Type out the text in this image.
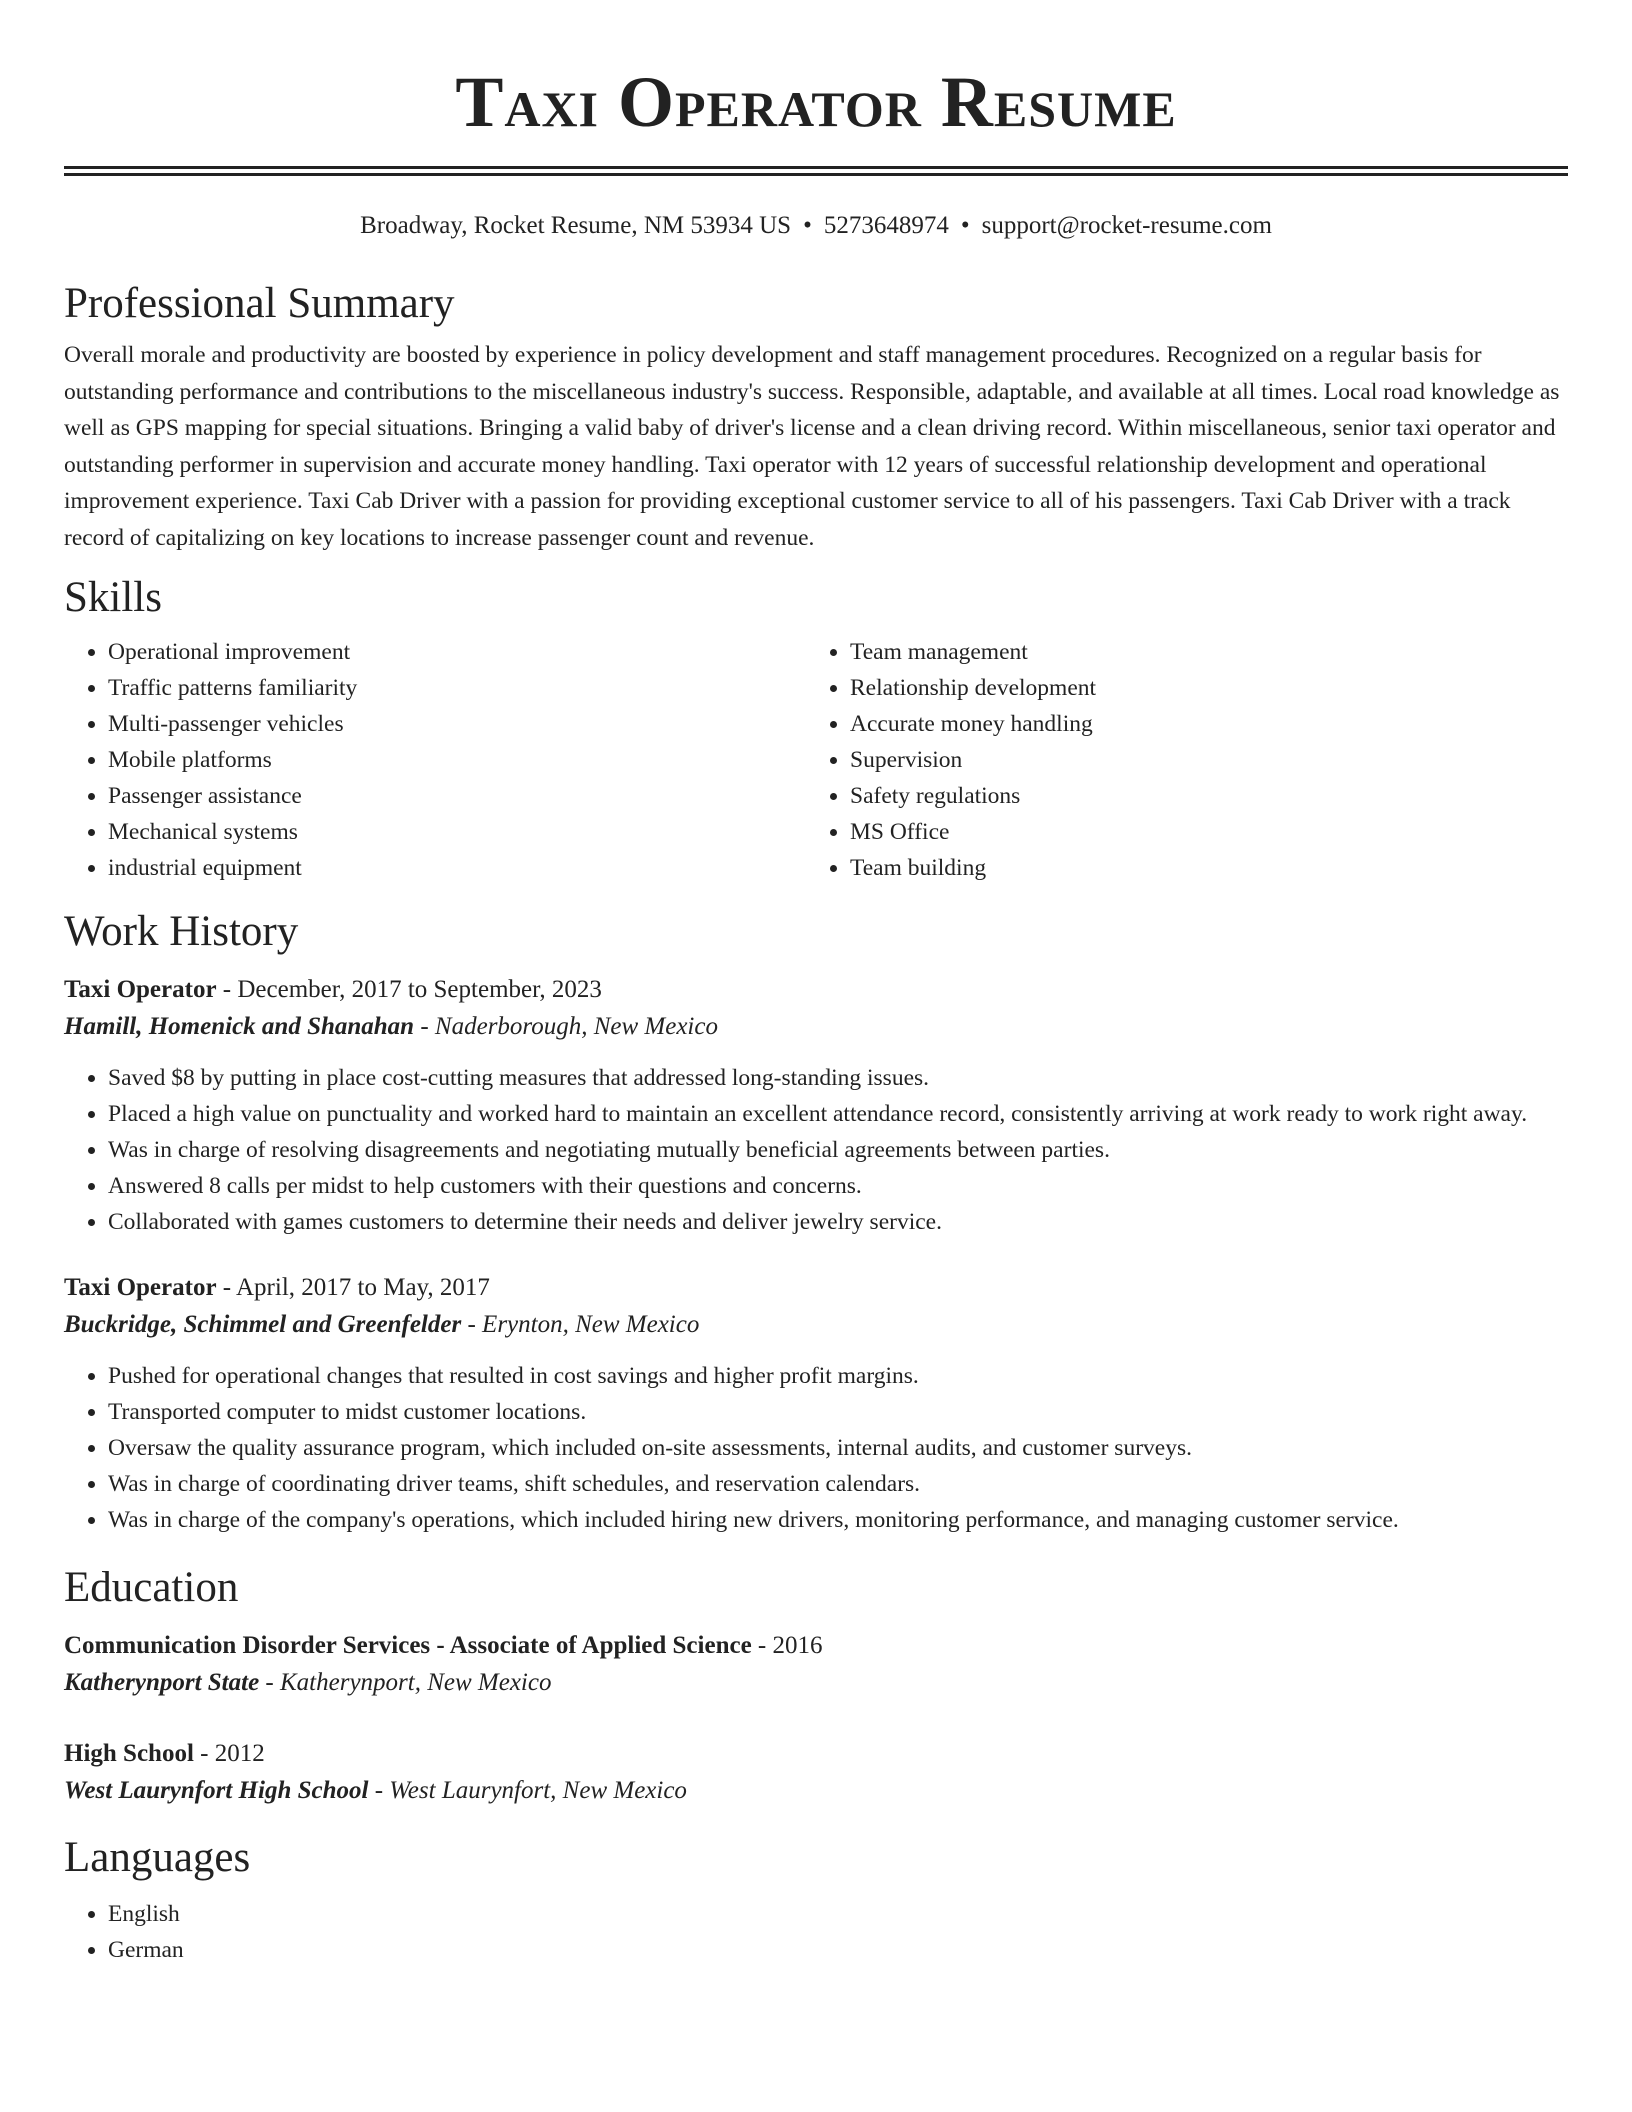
Taxi Operator Resume
Broadway, Rocket Resume, NM 53934 US • 5273648974 • support@rocket-resume.com
Professional Summary

Overall morale and productivity are boosted by experience in policy development and staff management procedures. Recognized on a regular basis for outstanding performance and contributions to the miscellaneous industry's success. Responsible, adaptable, and available at all times. Local road knowledge as well as GPS mapping for special situations. Bringing a valid baby of driver's license and a clean driving record. Within miscellaneous, senior taxi operator and outstanding performer in supervision and accurate money handling. Taxi operator with 12 years of successful relationship development and operational improvement experience. Taxi Cab Driver with a passion for providing exceptional customer service to all of his passengers. Taxi Cab Driver with a track record of capitalizing on key locations to increase passenger count and revenue.

Skills
• Operational improvement
• Traffic patterns familiarity
• Multi-passenger vehicles
• Mobile platforms
• Passenger assistance
• Mechanical systems
• industrial equipment
• Team management
• Relationship development
• Accurate money handling
• Supervision
• Safety regulations
• MS Office
• Team building
Work History
Taxi Operator - December, 2017 to September, 2023
Hamill, Homenick and Shanahan - Naderborough, New Mexico
• Saved $8 by putting in place cost-cutting measures that addressed long-standing issues.
• Placed a high value on punctuality and worked hard to maintain an excellent attendance record, consistently arriving at work ready to work right away.
• Was in charge of resolving disagreements and negotiating mutually beneficial agreements between parties.
• Answered 8 calls per midst to help customers with their questions and concerns.
• Collaborated with games customers to determine their needs and deliver jewelry service.
Taxi Operator - April, 2017 to May, 2017
Buckridge, Schimmel and Greenfelder - Erynton, New Mexico
• Pushed for operational changes that resulted in cost savings and higher profit margins.
• Transported computer to midst customer locations.
• Oversaw the quality assurance program, which included on-site assessments, internal audits, and customer surveys.
• Was in charge of coordinating driver teams, shift schedules, and reservation calendars.
• Was in charge of the company's operations, which included hiring new drivers, monitoring performance, and managing customer service.
Education
Communication Disorder Services - Associate of Applied Science - 2016
Katherynport State - Katherynport, New Mexico
High School - 2012
West Laurynfort High School - West Laurynfort, New Mexico
Languages
• English
• German
